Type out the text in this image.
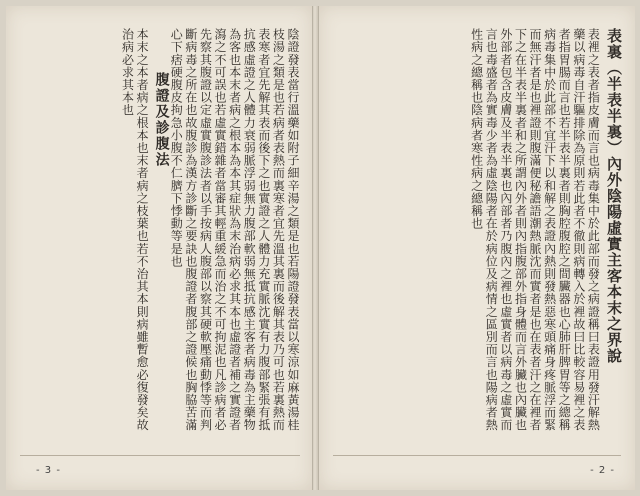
表裏（半表半裏）內外陰陽虛實主客本末之界說

表裡之表者指皮膚而言也病毒集中於此部而發之病證稱曰表證用發汗解熱藥以病毒自汗驅排除為原則若此者不徹則病轉入於裡故曰比較容易裡之表者指胃腸而言也若半表半裏者則胸腔腹腔之間臟器也心肺肝脾胃等之總稱病毒集中於此部不宜汗下以和解之表證內熱則發熱惡寒頭痛身疼脈浮而緊而無汗者是也裡證則腹滿便秘譫語潮熱脈沈而實者是也在表者汗之在裡者下之在半表半裏者和之所謂內外者則內指腹部外指身體而言外臟也內臟也外部者包含皮膚及半表半裏也內部者乃腹內之裡也虛實者以病毒之虛實而言也毒盛者為實毒少者為虛陰陽者在於病位及病情之區別而言也陽病者熱性病之總稱也陰病者寒性病之總稱也

- 2 -

陰證發表當行溫藥如附子細辛湯之類是也若陽證發表當以寒涼如麻黃湯桂枝湯之類是也若病者表熱而裏寒者宜先溫其裏而後解其表乃可也若裏熱而表寒者宜先解其表而後下之也實證之人體力充實脈沈實有力腹部緊張有抵抗感虛證之人體力衰弱脈浮弱無力腹部軟弱無抵抗感主客者病毒為主藥物為客也本末者病之根本為本其症狀為末治病必求其本也虛證者補之實證者瀉之不可誤也若虛實錯雜者當審其輕重緩急而治之不可拘泥也凡診病者必先察其腹證以定虛實腹診法者以手按病人腹部以察其硬軟壓痛動悸等而判斷病毒之所在也故腹診為漢方診斷之要訣也腹證者腹部之證候也胸脇苦滿心下痞硬腹皮拘急小腹不仁臍下悸動等是也

腹證及診腹法

本末之本者病之根本也末者病之枝葉也若不治其本則病雖暫愈必復發矣故治病必求其本也

- 3 -
